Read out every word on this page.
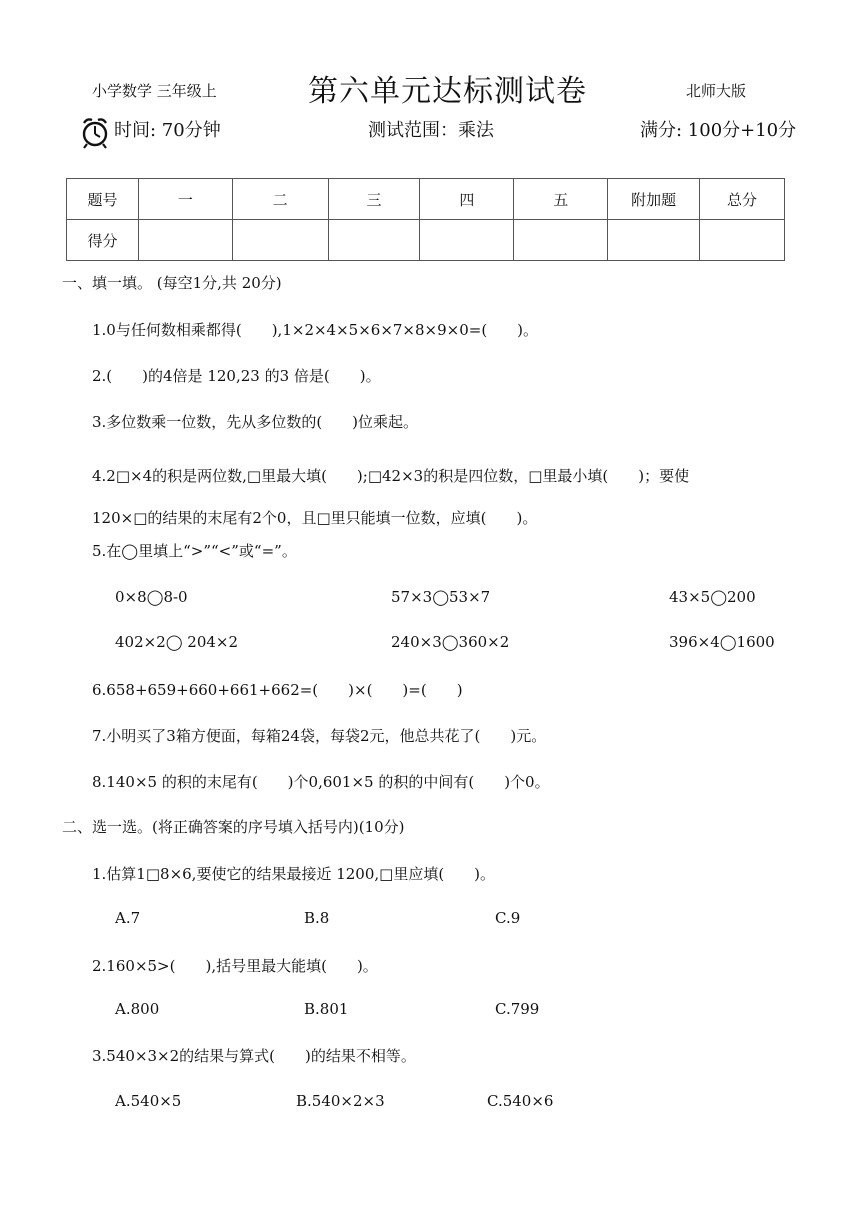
小学数学 三年级上	第六单元达标测试卷	北师大版
时间: 70分钟	测试范围：乘法	满分: 100分+10分
题号	一	二	三	四	五	附加题	总分
得分							
一、填一填。 (每空1分,共 20分)
1.0与任何数相乘都得(　　),1×2×4×5×6×7×8×9×0=(　　)。
2.(　　)的4倍是 120,23 的3 倍是(　　)。
3.多位数乘一位数，先从多位数的(　　)位乘起。
4.2□×4的积是两位数,□里最大填(　　);□42×3的积是四位数，□里最小填(　　)；要使
120×□的结果的末尾有2个0，且□里只能填一位数，应填(　　)。
5.在◯里填上“>”“<”或“=”。
0×8◯8-0	57×3◯53×7	43×5◯200
402×2◯ 204×2	240×3◯360×2	396×4◯1600
6.658+659+660+661+662=(　　)×(　　)=(　　)
7.小明买了3箱方便面，每箱24袋，每袋2元，他总共花了(　　)元。
8.140×5 的积的末尾有(　　)个0,601×5 的积的中间有(　　)个0。
二、选一选。(将正确答案的序号填入括号内)(10分)
1.估算1□8×6,要使它的结果最接近 1200,□里应填(　　)。
A.7	B.8	C.9
2.160×5>(　　),括号里最大能填(　　)。
A.800	B.801	C.799
3.540×3×2的结果与算式(　　)的结果不相等。
A.540×5	B.540×2×3	C.540×6
